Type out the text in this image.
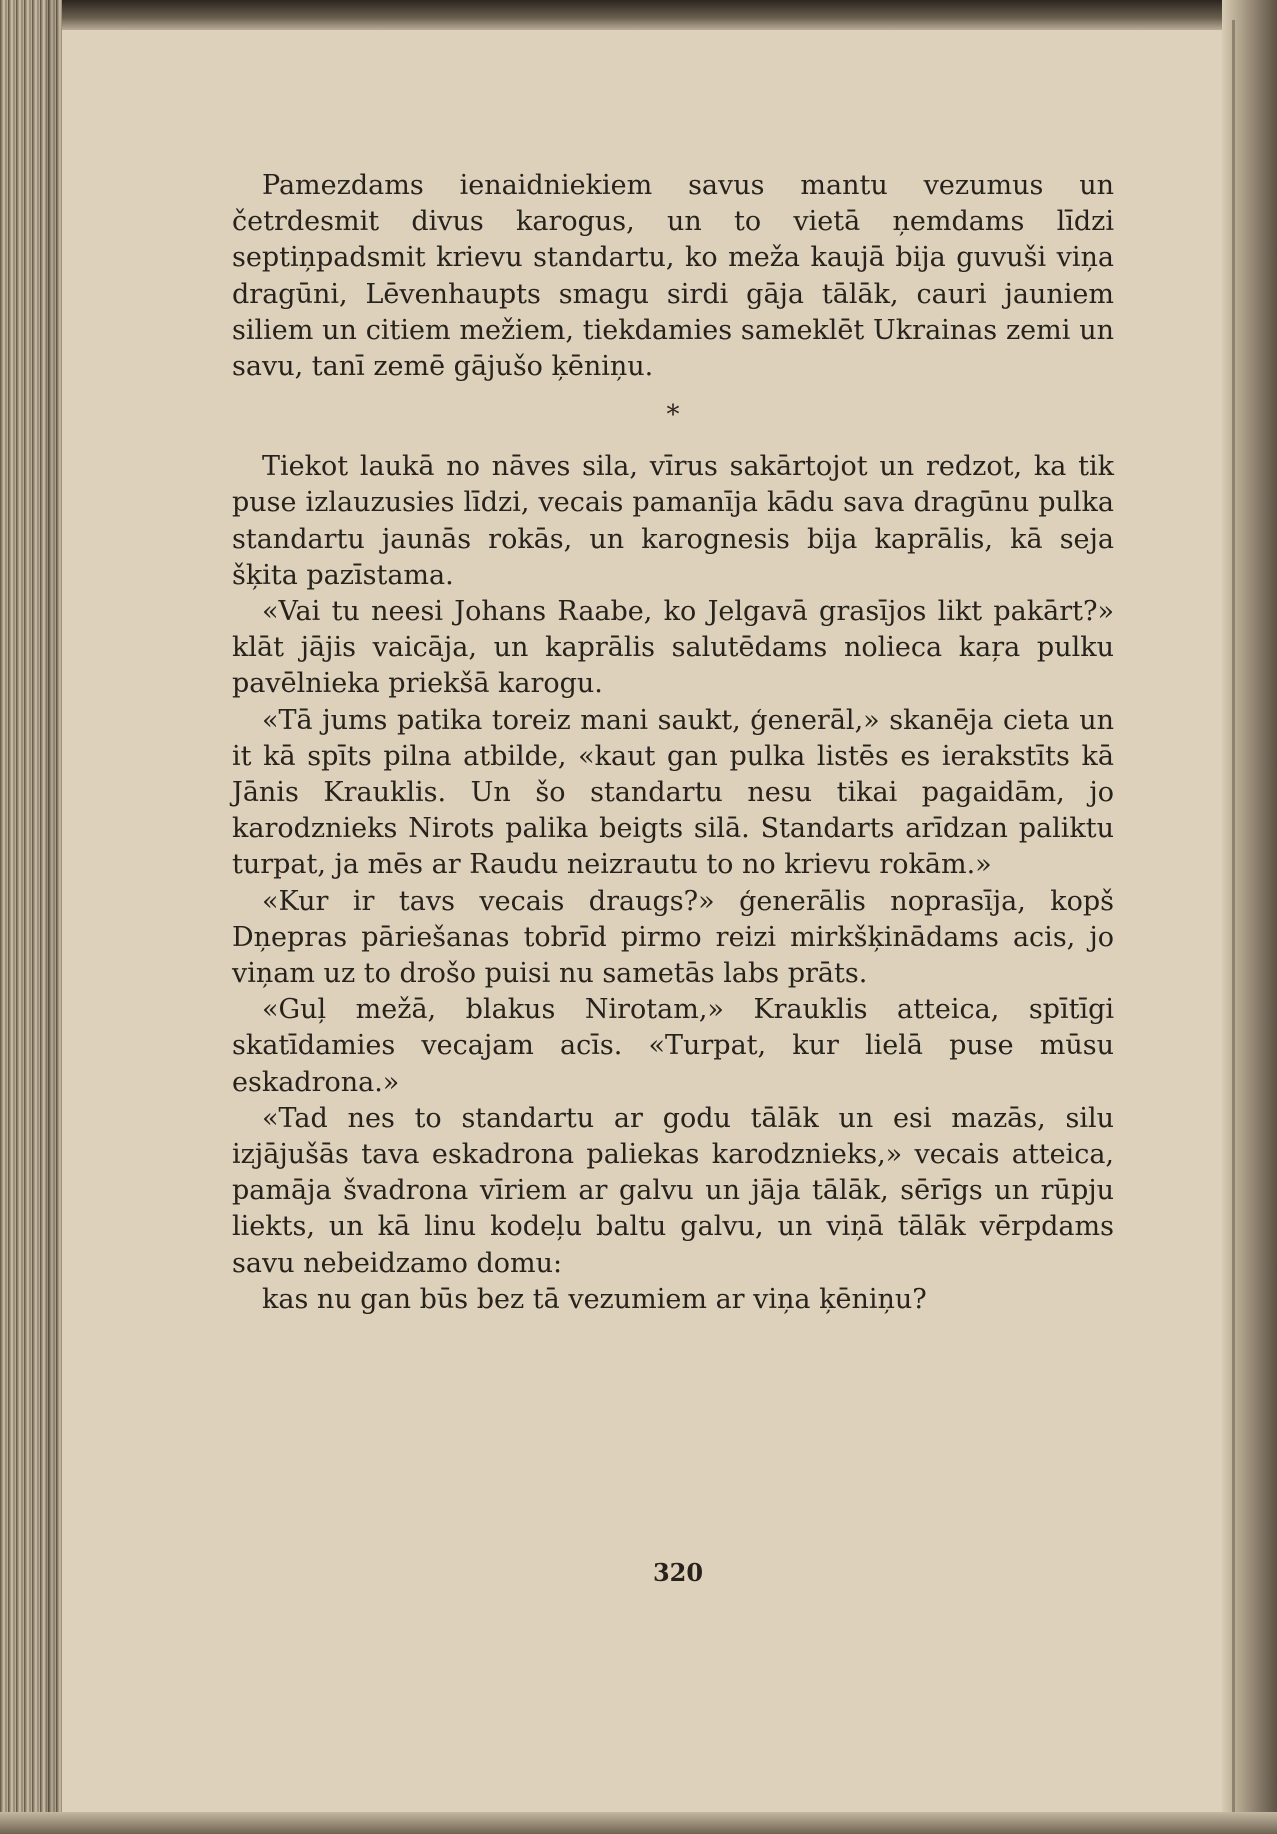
Pamezdams ienaidniekiem savus mantu vezumus un četrdesmit divus karogus, un to vietā ņemdams līdzi septiņpadsmit krievu standartu, ko meža kaujā bija guvuši viņa dragūni, Lēvenhaupts smagu sirdi gāja tālāk, cauri jauniem siliem un citiem mežiem, tiekdamies sameklēt Ukrainas zemi un savu, tanī zemē gājušo ķēniņu.

*

Tiekot laukā no nāves sila, vīrus sakārtojot un redzot, ka tik puse izlauzusies līdzi, vecais pamanīja kādu sava dragūnu pulka standartu jaunās rokās, un karognesis bija kaprālis, kā seja šķita pazīstama.

«Vai tu neesi Johans Raabe, ko Jelgavā grasījos likt pakārt?» klāt jājis vaicāja, un kaprālis salutēdams nolieca kaŗa pulku pavēlnieka priekšā karogu.

«Tā jums patika toreiz mani saukt, ģenerāl,» skanēja cieta un it kā spīts pilna atbilde, «kaut gan pulka listēs es ierakstīts kā Jānis Krauklis. Un šo standartu nesu tikai pagaidām, jo karodznieks Nirots palika beigts silā. Standarts arīdzan paliktu turpat, ja mēs ar Raudu neizrautu to no krievu rokām.»

«Kur ir tavs vecais draugs?» ģenerālis noprasīja, kopš Dņepras pāriešanas tobrīd pirmo reizi mirkšķinādams acis, jo viņam uz to drošo puisi nu sametās labs prāts.

«Guļ mežā, blakus Nirotam,» Krauklis atteica, spītīgi skatīdamies vecajam acīs. «Turpat, kur lielā puse mūsu eskadrona.»

«Tad nes to standartu ar godu tālāk un esi mazās, silu izjājušās tava eskadrona paliekas karodznieks,» vecais atteica, pamāja švadrona vīriem ar galvu un jāja tālāk, sērīgs un rūpju liekts, un kā linu kodeļu baltu galvu, un viņā tālāk vērpdams savu nebeidzamo domu:

kas nu gan būs bez tā vezumiem ar viņa ķēniņu?

320
